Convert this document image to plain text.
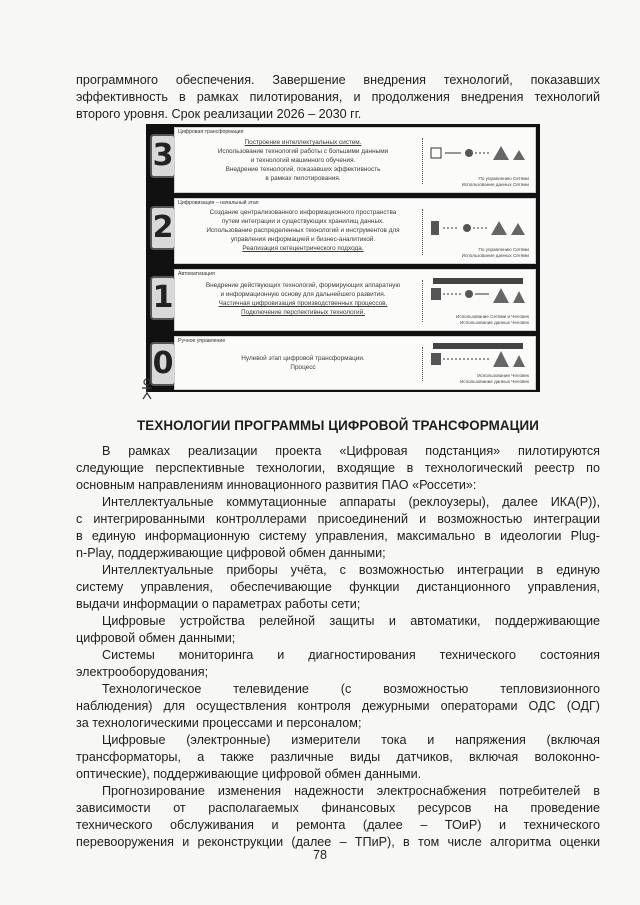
программного обеспечения. Завершение внедрения технологий, показавших

эффективность в рамках пилотирования, и продолжения внедрения технологий

второго уровня. Срок реализации 2026 – 2030 гг.

3
Цифровая трансформация
Построение интеллектуальных систем.
Использование технологий работы с большими данными
и технологий машинного обучения.
Внедрение технологий, показавших эффективность
в рамках пилотирования.	По управлению Сетями
Использование данных Сетями
2
Цифровизация – начальный этап
Создание централизованного информационного пространства
путем интеграции и существующих хранилищ данных.
Использование распределенных технологий и инструментов для
управления информацией и бизнес-аналитикой.
Реализация сетецентрического подхода.	По управлению Сетями
Использование данных Сетями
1
Автоматизация
Внедрение действующих технологий, формирующих аппаратную
и информационную основу для дальнейшего развития.
Частичная цифровизация производственных процессов.
Подключение перспективных технологий.
Использование Сетями и Человек
Использование данных Человек
0
Ручное управление
Нулевой этап цифровой трансформации.
Процесс
Использование Человек
Использование данных Человек
ТЕХНОЛОГИИ ПРОГРАММЫ ЦИФРОВОЙ ТРАНСФОРМАЦИИ

В рамках реализации проекта «Цифровая подстанция» пилотируются

следующие перспективные технологии, входящие в технологический реестр по

основным направлениям инновационного развития ПАО «Россети»:

Интеллектуальные коммутационные аппараты (реклоузеры), далее ИКА(Р)),

с интегрированными контроллерами присоединений и возможностью интеграции

в единую информационную систему управления, максимально в идеологии Plug-

n-Play, поддерживающие цифровой обмен данными;

Интеллектуальные приборы учёта, с возможностью интеграции в единую

систему управления, обеспечивающие функции дистанционного управления,

выдачи информации о параметрах работы сети;

Цифровые устройства релейной защиты и автоматики, поддерживающие

цифровой обмен данными;

Системы мониторинга и диагностирования технического состояния

электрооборудования;

Технологическое телевидение (с возможностью тепловизионного

наблюдения) для осуществления контроля дежурными операторами ОДС (ОДГ)

за технологическими процессами и персоналом;

Цифровые (электронные) измерители тока и напряжения (включая

трансформаторы, а также различные виды датчиков, включая волоконно-

оптические), поддерживающие цифровой обмен данными.

Прогнозирование изменения надежности электроснабжения потребителей в

зависимости от располагаемых финансовых ресурсов на проведение

технического обслуживания и ремонта (далее – ТОиР) и технического

перевооружения и реконструкции (далее – ТПиР), в том числе алгоритма оценки

78
